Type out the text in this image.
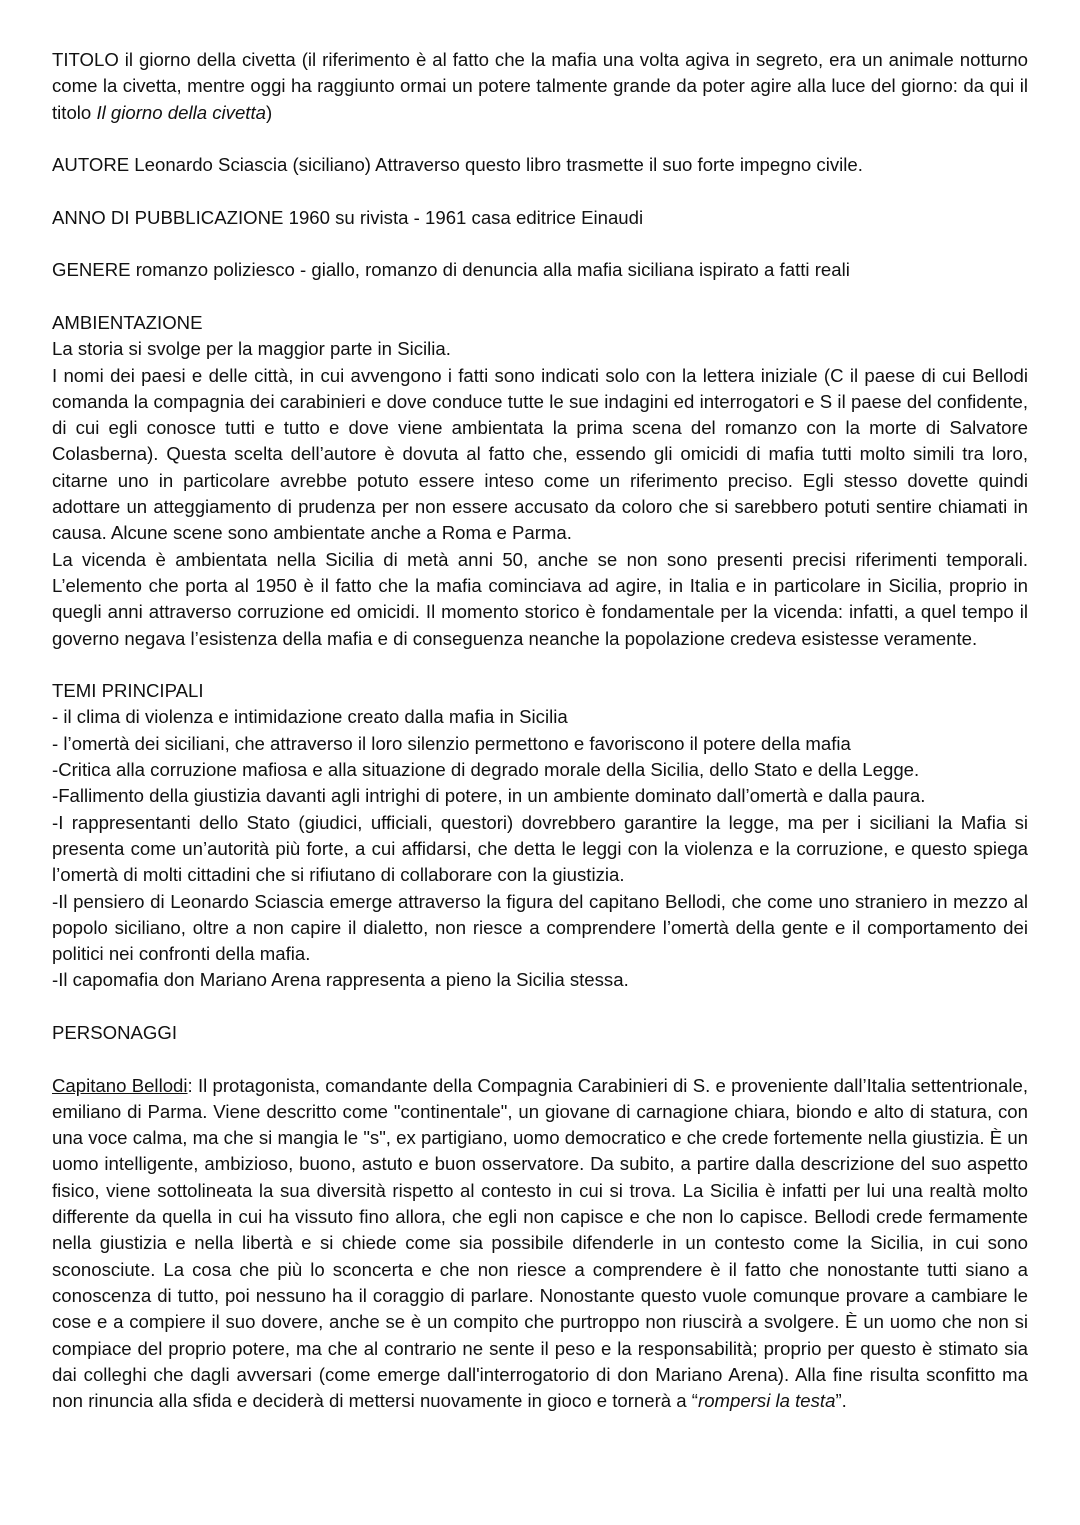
TITOLO il giorno della civetta (il riferimento è al fatto che la mafia una volta agiva in segreto, era un animale notturno come la civetta, mentre oggi ha raggiunto ormai un potere talmente grande da poter agire alla luce del giorno: da qui il titolo Il giorno della civetta)

AUTORE Leonardo Sciascia (siciliano) Attraverso questo libro trasmette il suo forte impegno civile.

ANNO DI PUBBLICAZIONE 1960 su rivista - 1961 casa editrice Einaudi

GENERE romanzo poliziesco - giallo, romanzo di denuncia alla mafia siciliana ispirato a fatti reali

AMBIENTAZIONE

La storia si svolge per la maggior parte in Sicilia.

I nomi dei paesi e delle città, in cui avvengono i fatti sono indicati solo con la lettera iniziale (C il paese di cui Bellodi comanda la compagnia dei carabinieri e dove conduce tutte le sue indagini ed interrogatori e S il paese del confidente, di cui egli conosce tutti e tutto e dove viene ambientata la prima scena del romanzo con la morte di Salvatore Colasberna). Questa scelta dell’autore è dovuta al fatto che, essendo gli omicidi di mafia tutti molto simili tra loro, citarne uno in particolare avrebbe potuto essere inteso come un riferimento preciso. Egli stesso dovette quindi adottare un atteggiamento di prudenza per non essere accusato da coloro che si sarebbero potuti sentire chiamati in causa. Alcune scene sono ambientate anche a Roma e Parma.

La vicenda è ambientata nella Sicilia di metà anni 50, anche se non sono presenti precisi riferimenti temporali. L’elemento che porta al 1950 è il fatto che la mafia cominciava ad agire, in Italia e in particolare in Sicilia, proprio in quegli anni attraverso corruzione ed omicidi. Il momento storico è fondamentale per la vicenda: infatti, a quel tempo il governo negava l’esistenza della mafia e di conseguenza neanche la popolazione credeva esistesse veramente.

TEMI PRINCIPALI

- il clima di violenza e intimidazione creato dalla mafia in Sicilia

- l’omertà dei siciliani, che attraverso il loro silenzio permettono e favoriscono il potere della mafia

-Critica alla corruzione mafiosa e alla situazione di degrado morale della Sicilia, dello Stato e della Legge.

-Fallimento della giustizia davanti agli intrighi di potere, in un ambiente dominato dall’omertà e dalla paura.

-I rappresentanti dello Stato (giudici, ufficiali, questori) dovrebbero garantire la legge, ma per i siciliani la Mafia si presenta come un’autorità più forte, a cui affidarsi, che detta le leggi con la violenza e la corruzione, e questo spiega l’omertà di molti cittadini che si rifiutano di collaborare con la giustizia.

-Il pensiero di Leonardo Sciascia emerge attraverso la figura del capitano Bellodi, che come uno straniero in mezzo al popolo siciliano, oltre a non capire il dialetto, non riesce a comprendere l’omertà della gente e il comportamento dei politici nei confronti della mafia.

-Il capomafia don Mariano Arena rappresenta a pieno la Sicilia stessa.

PERSONAGGI

Capitano Bellodi: Il protagonista, comandante della Compagnia Carabinieri di S. e proveniente dall’Italia settentrionale, emiliano di Parma. Viene descritto come "continentale", un giovane di carnagione chiara, biondo e alto di statura, con una voce calma, ma che si mangia le "s", ex partigiano, uomo democratico e che crede fortemente nella giustizia. È un uomo intelligente, ambizioso, buono, astuto e buon osservatore. Da subito, a partire dalla descrizione del suo aspetto fisico, viene sottolineata la sua diversità rispetto al contesto in cui si trova. La Sicilia è infatti per lui una realtà molto differente da quella in cui ha vissuto fino allora, che egli non capisce e che non lo capisce. Bellodi crede fermamente nella giustizia e nella libertà e si chiede come sia possibile difenderle in un contesto come la Sicilia, in cui sono sconosciute. La cosa che più lo sconcerta e che non riesce a comprendere è il fatto che nonostante tutti siano a conoscenza di tutto, poi nessuno ha il coraggio di parlare. Nonostante questo vuole comunque provare a cambiare le cose e a compiere il suo dovere, anche se è un compito che purtroppo non riuscirà a svolgere. È un uomo che non si compiace del proprio potere, ma che al contrario ne sente il peso e la responsabilità; proprio per questo è stimato sia dai colleghi che dagli avversari (come emerge dall'interrogatorio di don Mariano Arena). Alla fine risulta sconfitto ma non rinuncia alla sfida e deciderà di mettersi nuovamente in gioco e tornerà a “rompersi la testa”.
